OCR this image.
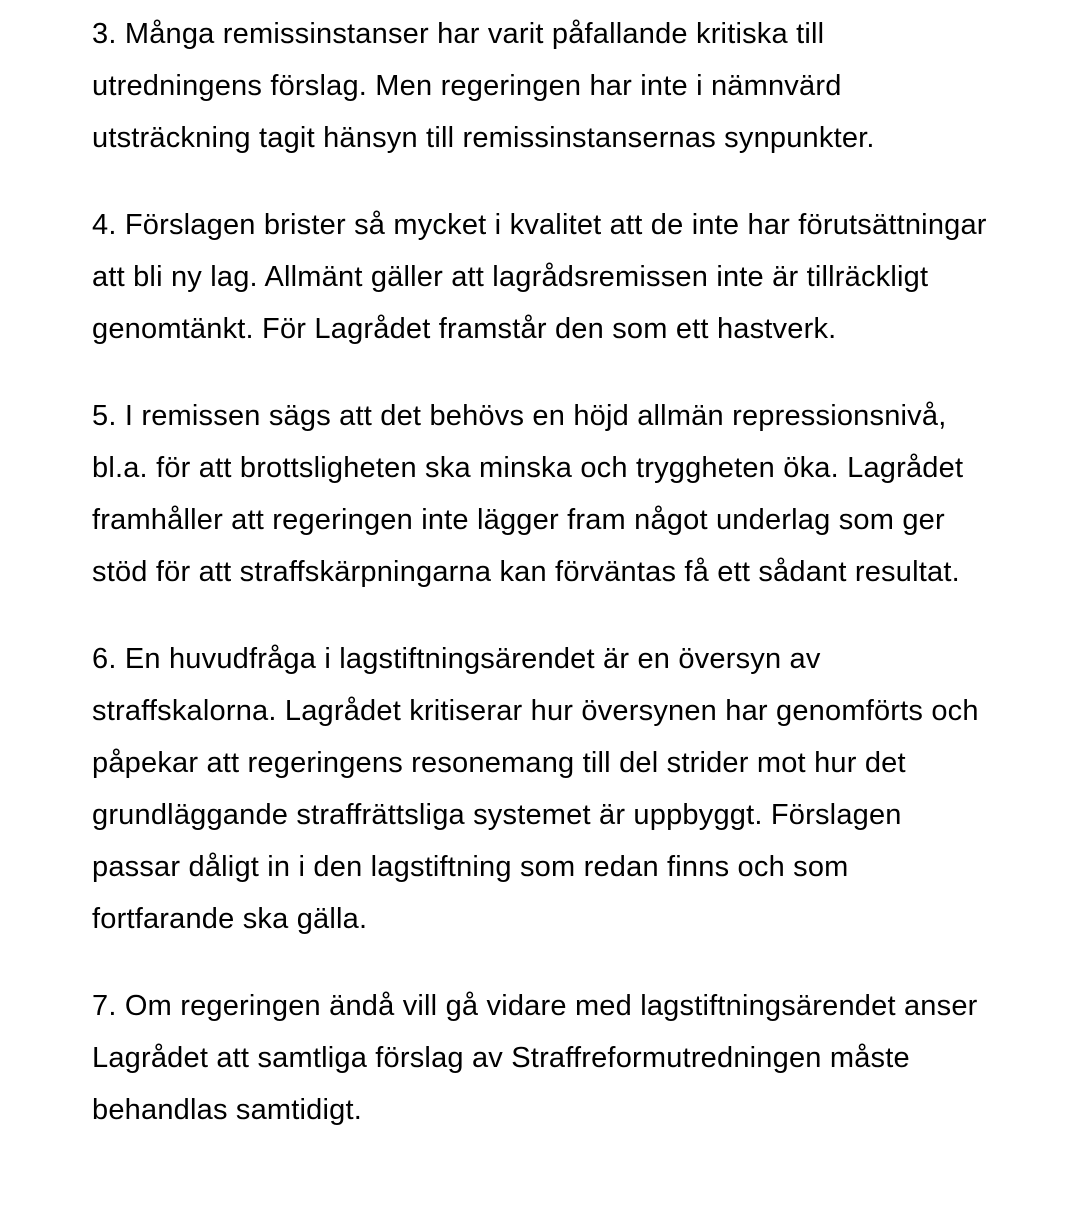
3. Många remissinstanser har varit påfallande kritiska till
utredningens förslag. Men regeringen har inte i nämnvärd
utsträckning tagit hänsyn till remissinstansernas synpunkter.
4. Förslagen brister så mycket i kvalitet att de inte har förutsättningar
att bli ny lag. Allmänt gäller att lagrådsremissen inte är tillräckligt
genomtänkt. För Lagrådet framstår den som ett hastverk.
5. I remissen sägs att det behövs en höjd allmän repressionsnivå,
bl.a. för att brottsligheten ska minska och tryggheten öka. Lagrådet
framhåller att regeringen inte lägger fram något underlag som ger
stöd för att straffskärpningarna kan förväntas få ett sådant resultat.
6. En huvudfråga i lagstiftningsärendet är en översyn av
straffskalorna. Lagrådet kritiserar hur översynen har genomförts och
påpekar att regeringens resonemang till del strider mot hur det
grundläggande straffrättsliga systemet är uppbyggt. Förslagen
passar dåligt in i den lagstiftning som redan finns och som
fortfarande ska gälla.
7. Om regeringen ändå vill gå vidare med lagstiftningsärendet anser
Lagrådet att samtliga förslag av Straffreformutredningen måste
behandlas samtidigt.
